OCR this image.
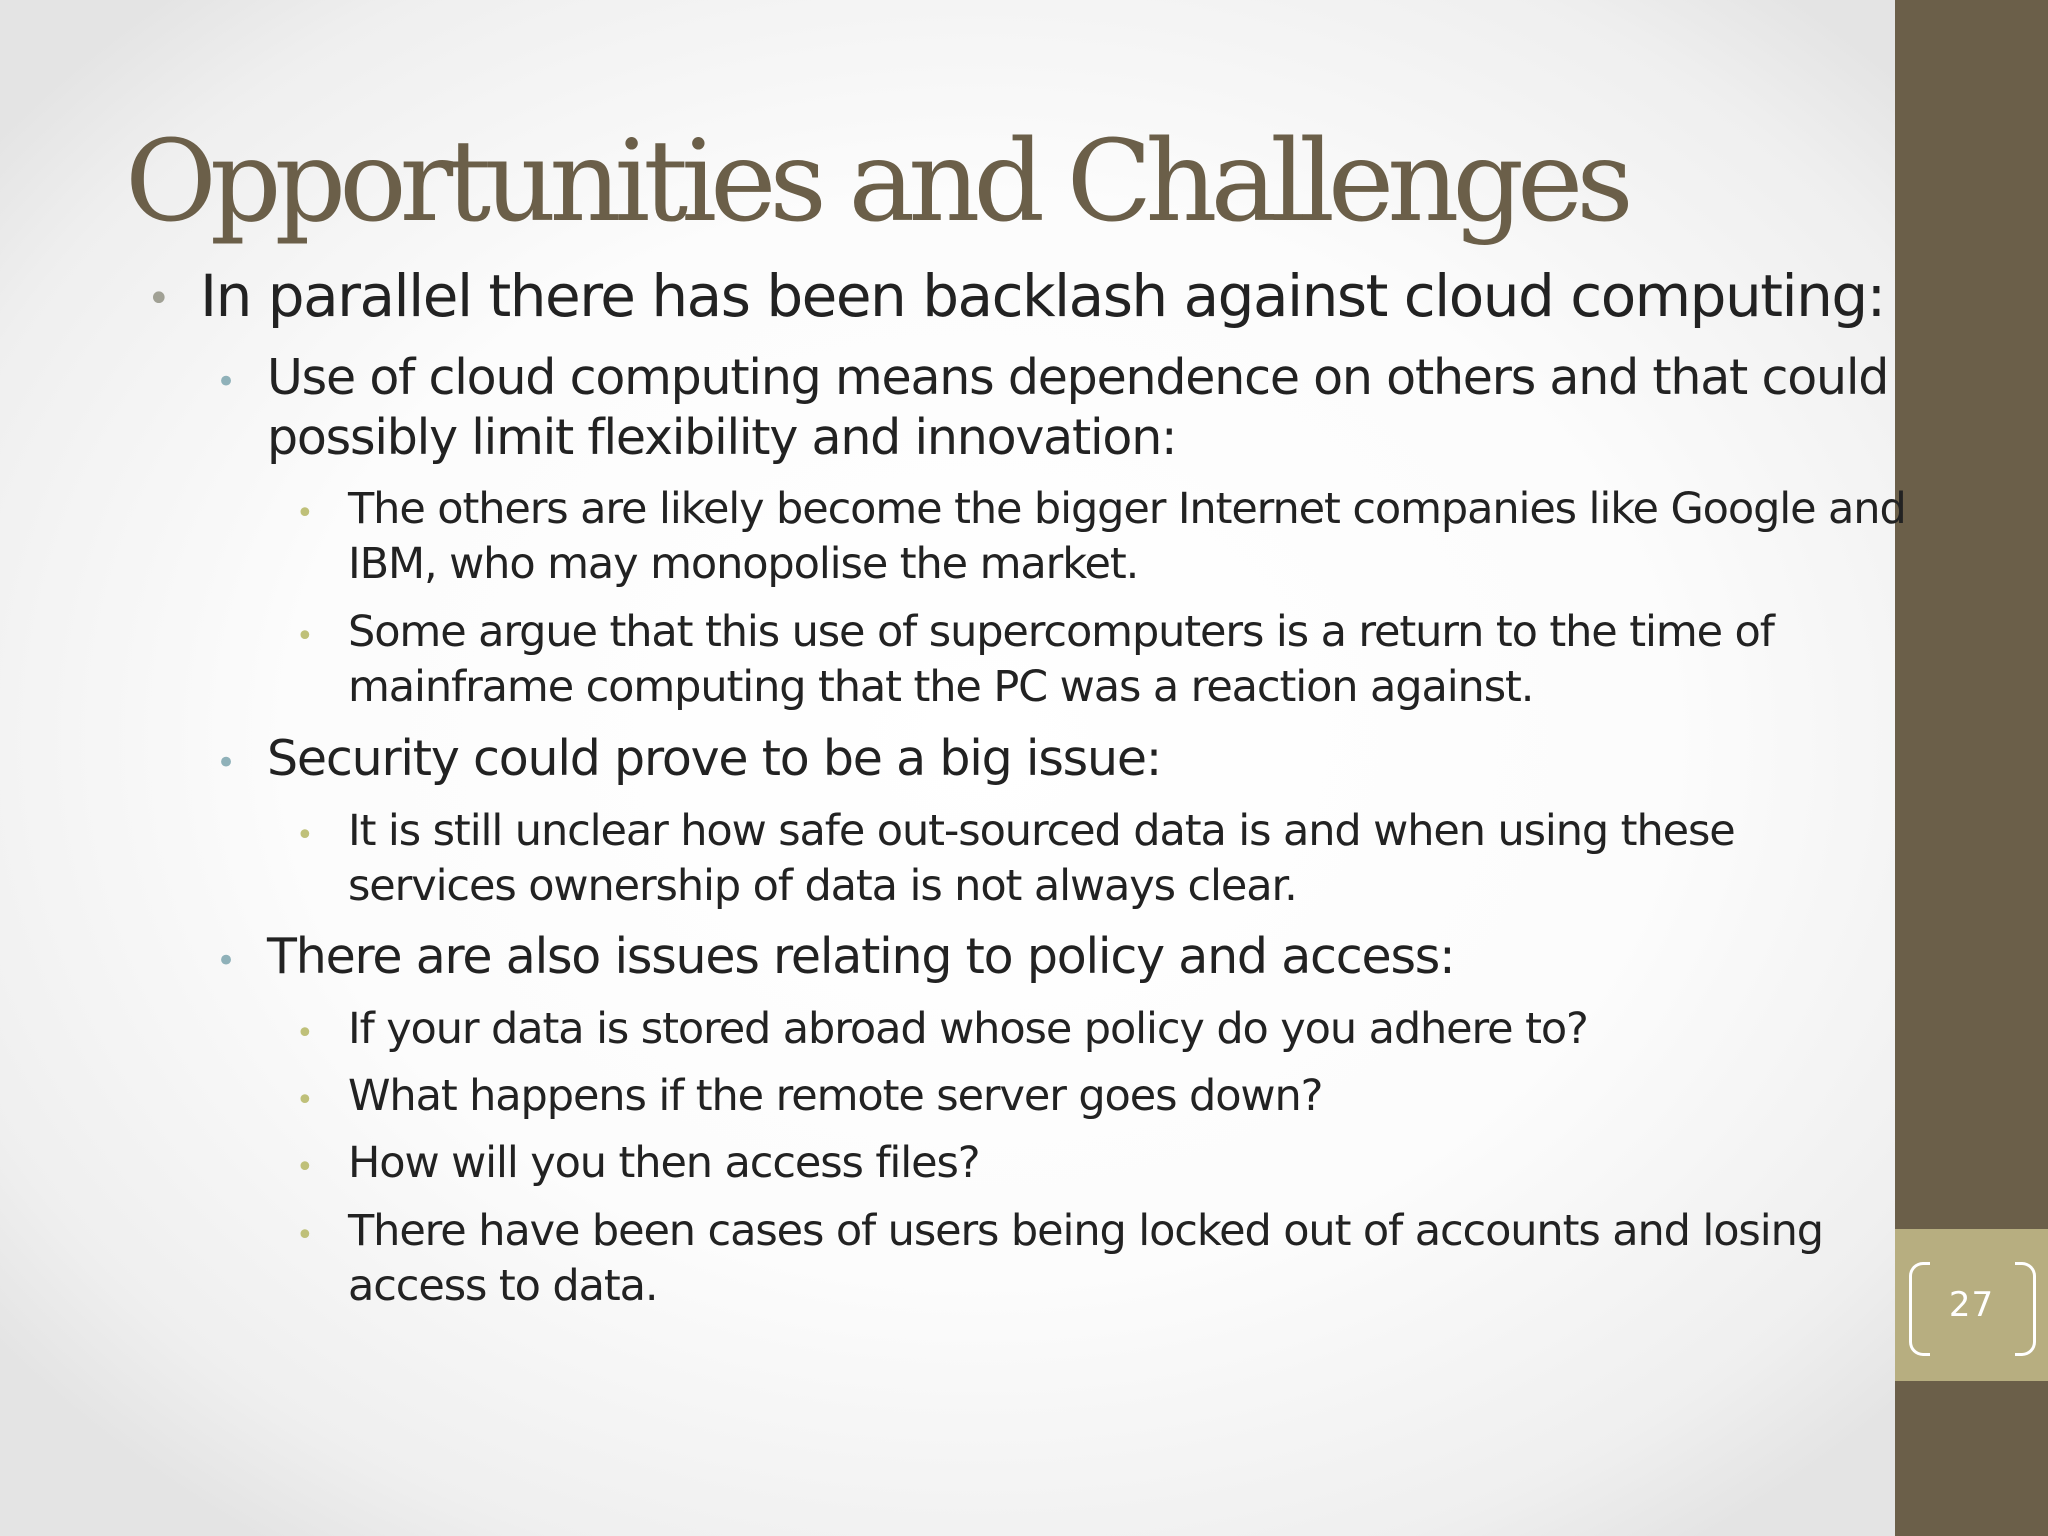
27
Opportunities and Challenges
• In parallel there has been backlash against cloud computing:

• Use of cloud computing means dependence on others and that could

possibly limit flexibility and innovation:

• The others are likely become the bigger Internet companies like Google and

IBM, who may monopolise the market.

• Some argue that this use of supercomputers is a return to the time of

mainframe computing that the PC was a reaction against.

• Security could prove to be a big issue:

• It is still unclear how safe out-sourced data is and when using these

services ownership of data is not always clear.

• There are also issues relating to policy and access:

• If your data is stored abroad whose policy do you adhere to?

• What happens if the remote server goes down?

• How will you then access files?

• There have been cases of users being locked out of accounts and losing

access to data.
